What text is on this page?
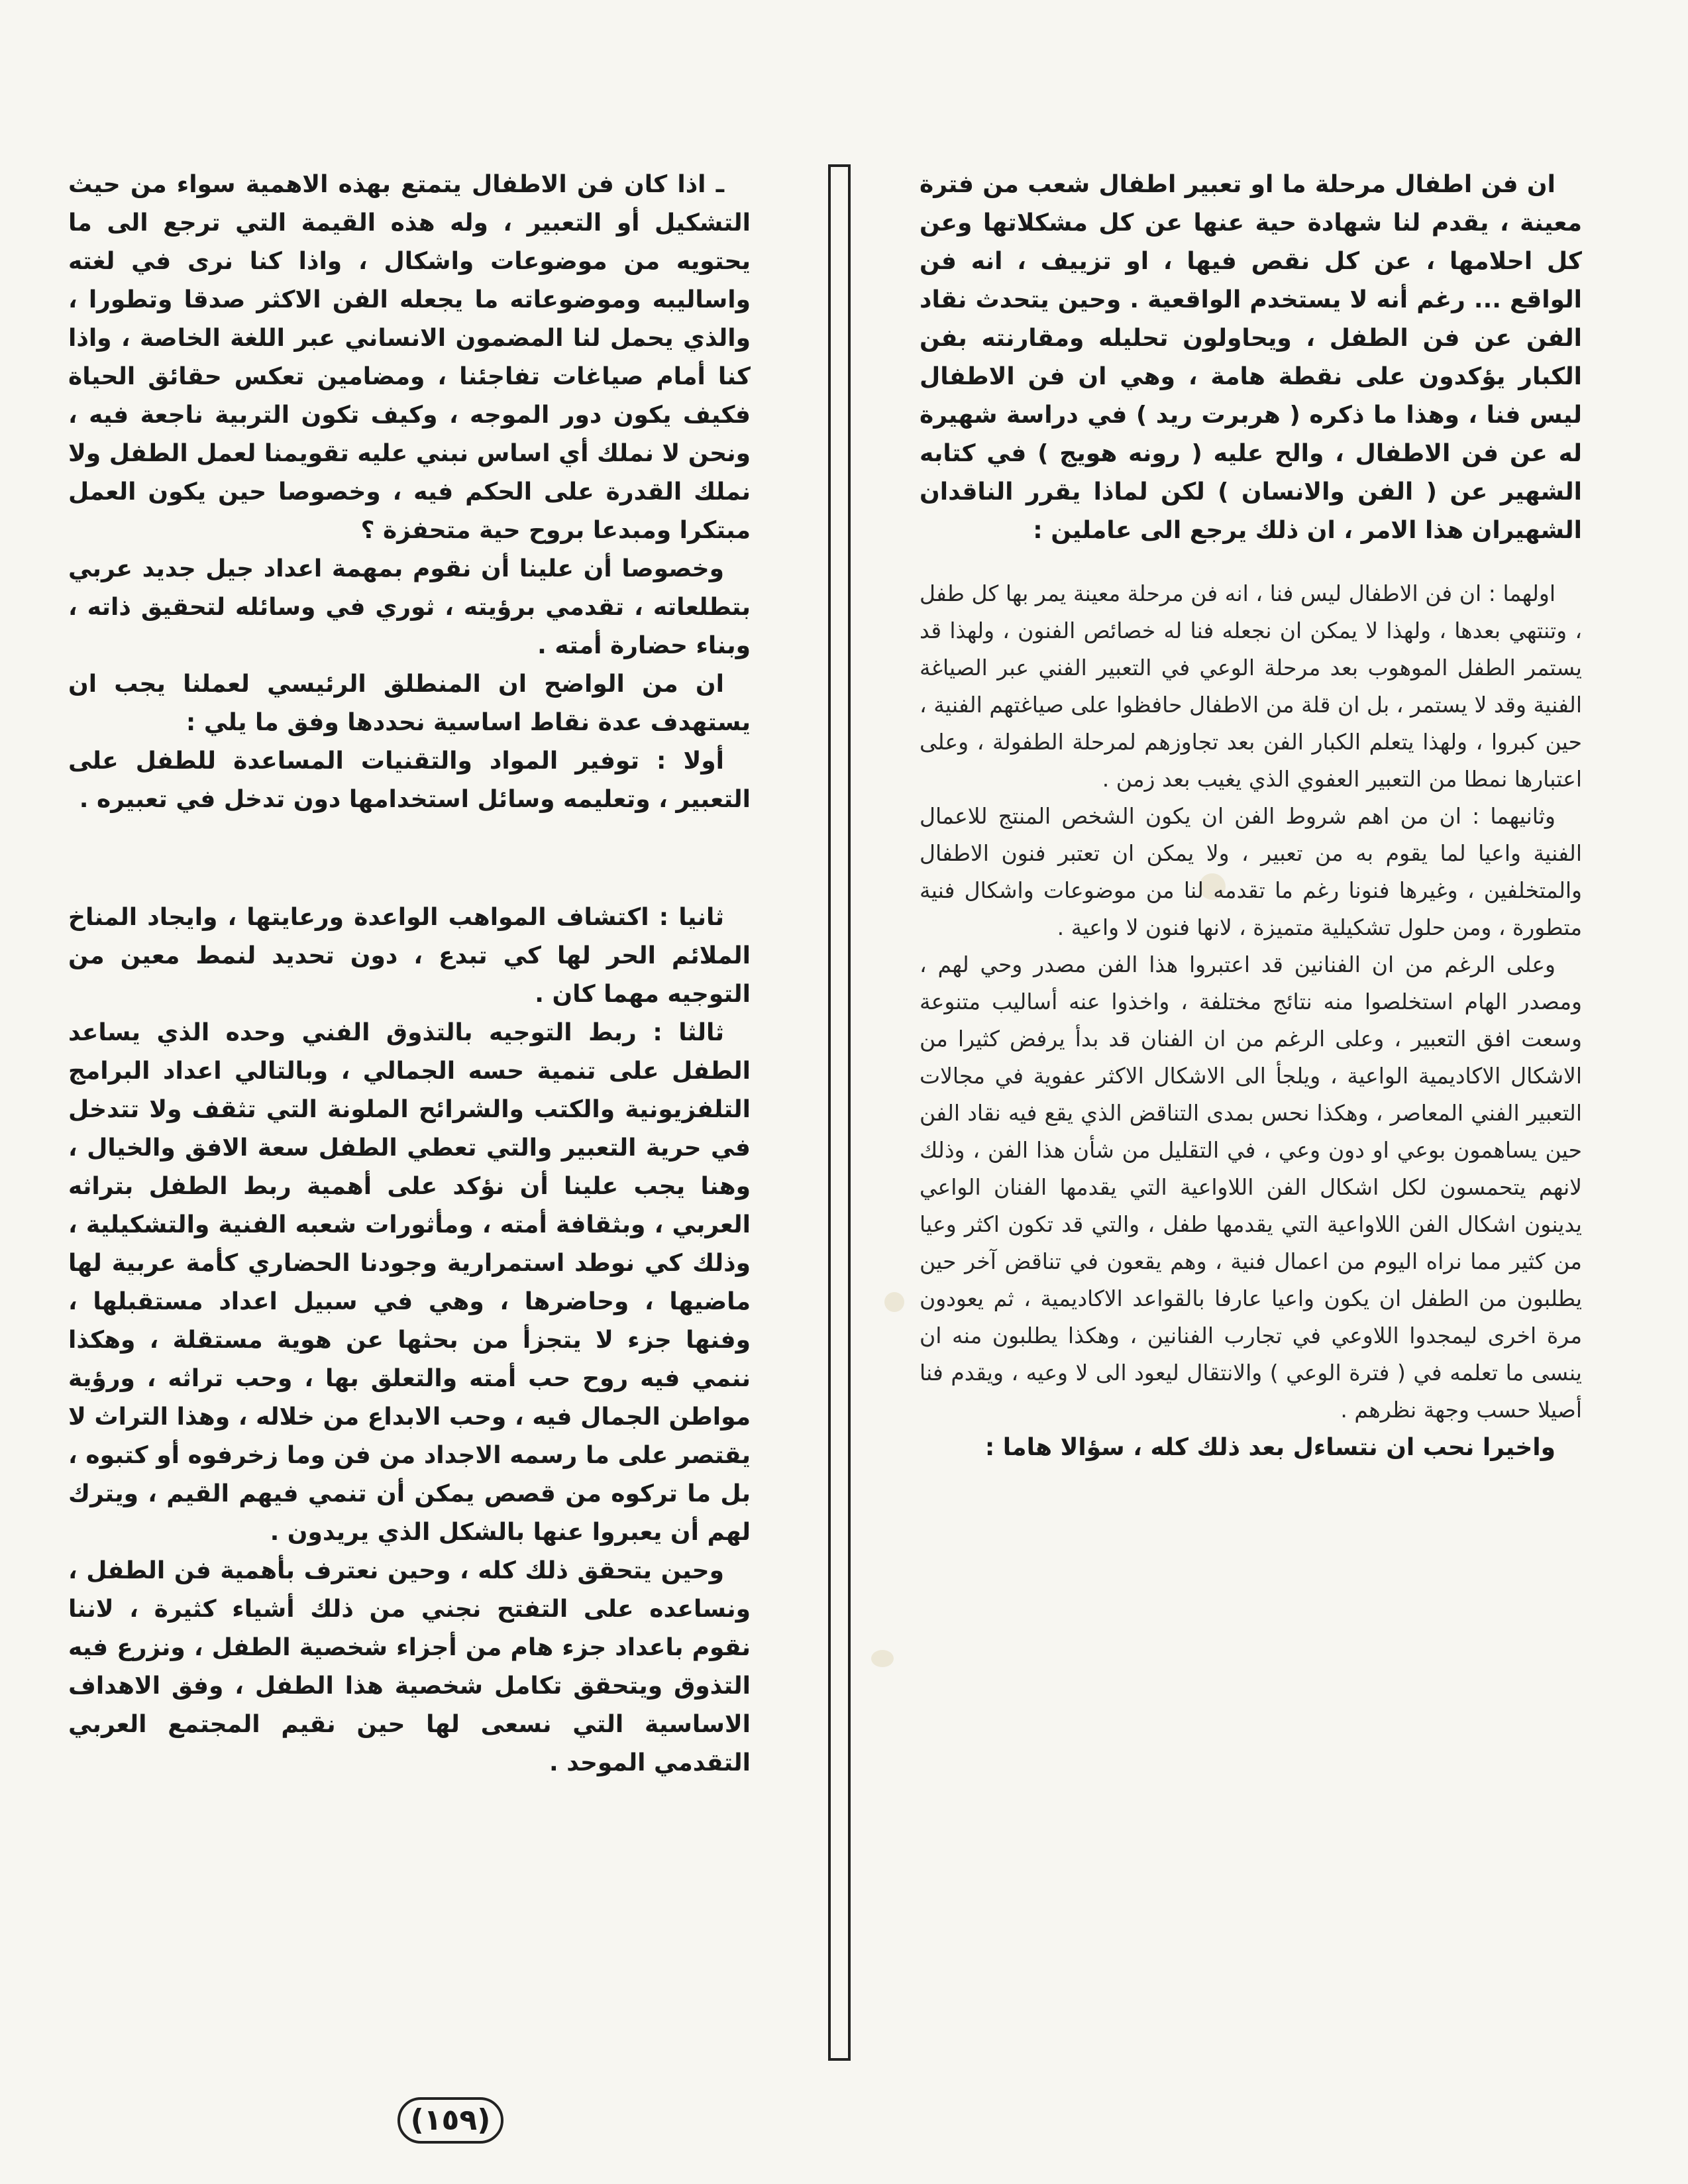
ان فن اطفال مرحلة ما او تعبير اطفال شعب من فترة معينة ، يقدم لنا شهادة حية عنها عن كل مشكلاتها وعن كل احلامها ، عن كل نقص فيها ، او تزييف ، انه فن الواقع ... رغم أنه لا يستخدم الواقعية . وحين يتحدث نقاد الفن عن فن الطفل ، ويحاولون تحليله ومقارنته بفن الكبار يؤكدون على نقطة هامة ، وهي ان فن الاطفال ليس فنا ، وهذا ما ذكره ( هربرت ريد ) في دراسة شهيرة له عن فن الاطفال ، والح عليه ( رونه هويج ) في كتابه الشهير عن ( الفن والانسان ) لكن لماذا يقرر الناقدان الشهيران هذا الامر ، ان ذلك يرجع الى عاملين :

اولهما : ان فن الاطفال ليس فنا ، انه فن مرحلة معينة يمر بها كل طفل ، وتنتهي بعدها ، ولهذا لا يمكن ان نجعله فنا له خصائص الفنون ، ولهذا قد يستمر الطفل الموهوب بعد مرحلة الوعي في التعبير الفني عبر الصياغة الفنية وقد لا يستمر ، بل ان قلة من الاطفال حافظوا على صياغتهم الفنية ، حين كبروا ، ولهذا يتعلم الكبار الفن بعد تجاوزهم لمرحلة الطفولة ، وعلى اعتبارها نمطا من التعبير العفوي الذي يغيب بعد زمن .

وثانيهما : ان من اهم شروط الفن ان يكون الشخص المنتج للاعمال الفنية واعيا لما يقوم به من تعبير ، ولا يمكن ان تعتبر فنون الاطفال والمتخلفين ، وغيرها فنونا رغم ما تقدمه لنا من موضوعات واشكال فنية متطورة ، ومن حلول تشكيلية متميزة ، لانها فنون لا واعية .

وعلى الرغم من ان الفنانين قد اعتبروا هذا الفن مصدر وحي لهم ، ومصدر الهام استخلصوا منه نتائج مختلفة ، واخذوا عنه أساليب متنوعة وسعت افق التعبير ، وعلى الرغم من ان الفنان قد بدأ يرفض كثيرا من الاشكال الاكاديمية الواعية ، ويلجأ الى الاشكال الاكثر عفوية في مجالات التعبير الفني المعاصر ، وهكذا نحس بمدى التناقض الذي يقع فيه نقاد الفن حين يساهمون بوعي او دون وعي ، في التقليل من شأن هذا الفن ، وذلك لانهم يتحمسون لكل اشكال الفن اللاواعية التي يقدمها الفنان الواعي يدينون اشكال الفن اللاواعية التي يقدمها طفل ، والتي قد تكون اكثر وعيا من كثير مما نراه اليوم من اعمال فنية ، وهم يقعون في تناقض آخر حين يطلبون من الطفل ان يكون واعيا عارفا بالقواعد الاكاديمية ، ثم يعودون مرة اخرى ليمجدوا اللاوعي في تجارب الفنانين ، وهكذا يطلبون منه ان ينسى ما تعلمه في ( فترة الوعي ) والانتقال ليعود الى لا وعيه ، ويقدم فنا أصيلا حسب وجهة نظرهم .

واخيرا نحب ان نتساءل بعد ذلك كله ، سؤالا هاما :

ـ اذا كان فن الاطفال يتمتع بهذه الاهمية سواء من حيث التشكيل أو التعبير ، وله هذه القيمة التي ترجع الى ما يحتويه من موضوعات واشكال ، واذا كنا نرى في لغته واساليبه وموضوعاته ما يجعله الفن الاكثر صدقا وتطورا ، والذي يحمل لنا المضمون الانساني عبر اللغة الخاصة ، واذا كنا أمام صياغات تفاجئنا ، ومضامين تعكس حقائق الحياة فكيف يكون دور الموجه ، وكيف تكون التربية ناجعة فيه ، ونحن لا نملك أي اساس نبني عليه تقويمنا لعمل الطفل ولا نملك القدرة على الحكم فيه ، وخصوصا حين يكون العمل مبتكرا ومبدعا بروح حية متحفزة ؟

وخصوصا أن علينا أن نقوم بمهمة اعداد جيل جديد عربي بتطلعاته ، تقدمي برؤيته ، ثوري في وسائله لتحقيق ذاته ، وبناء حضارة أمته .

ان من الواضح ان المنطلق الرئيسي لعملنا يجب ان يستهدف عدة نقاط اساسية نحددها وفق ما يلي :

أولا : توفير المواد والتقنيات المساعدة للطفل على التعبير ، وتعليمه وسائل استخدامها دون تدخل في تعبيره .

ثانيا : اكتشاف المواهب الواعدة ورعايتها ، وايجاد المناخ الملائم الحر لها كي تبدع ، دون تحديد لنمط معين من التوجيه مهما كان .

ثالثا : ربط التوجيه بالتذوق الفني وحده الذي يساعد الطفل على تنمية حسه الجمالي ، وبالتالي اعداد البرامج التلفزيونية والكتب والشرائح الملونة التي تثقف ولا تتدخل في حرية التعبير والتي تعطي الطفل سعة الافق والخيال ، وهنا يجب علينا أن نؤكد على أهمية ربط الطفل بتراثه العربي ، وبثقافة أمته ، ومأثورات شعبه الفنية والتشكيلية ، وذلك كي نوطد استمرارية وجودنا الحضاري كأمة عربية لها ماضيها ، وحاضرها ، وهي في سبيل اعداد مستقبلها ، وفنها جزء لا يتجزأ من بحثها عن هوية مستقلة ، وهكذا ننمي فيه روح حب أمته والتعلق بها ، وحب تراثه ، ورؤية مواطن الجمال فيه ، وحب الابداع من خلاله ، وهذا التراث لا يقتصر على ما رسمه الاجداد من فن وما زخرفوه أو كتبوه ، بل ما تركوه من قصص يمكن أن تنمي فيهم القيم ، ويترك لهم أن يعبروا عنها بالشكل الذي يريدون .

وحين يتحقق ذلك كله ، وحين نعترف بأهمية فن الطفل ، ونساعده على التفتح نجني من ذلك أشياء كثيرة ، لاننا نقوم باعداد جزء هام من أجزاء شخصية الطفل ، ونزرع فيه التذوق ويتحقق تكامل شخصية هذا الطفل ، وفق الاهداف الاساسية التي نسعى لها حين نقيم المجتمع العربي التقدمي الموحد .

(١٥٩)
